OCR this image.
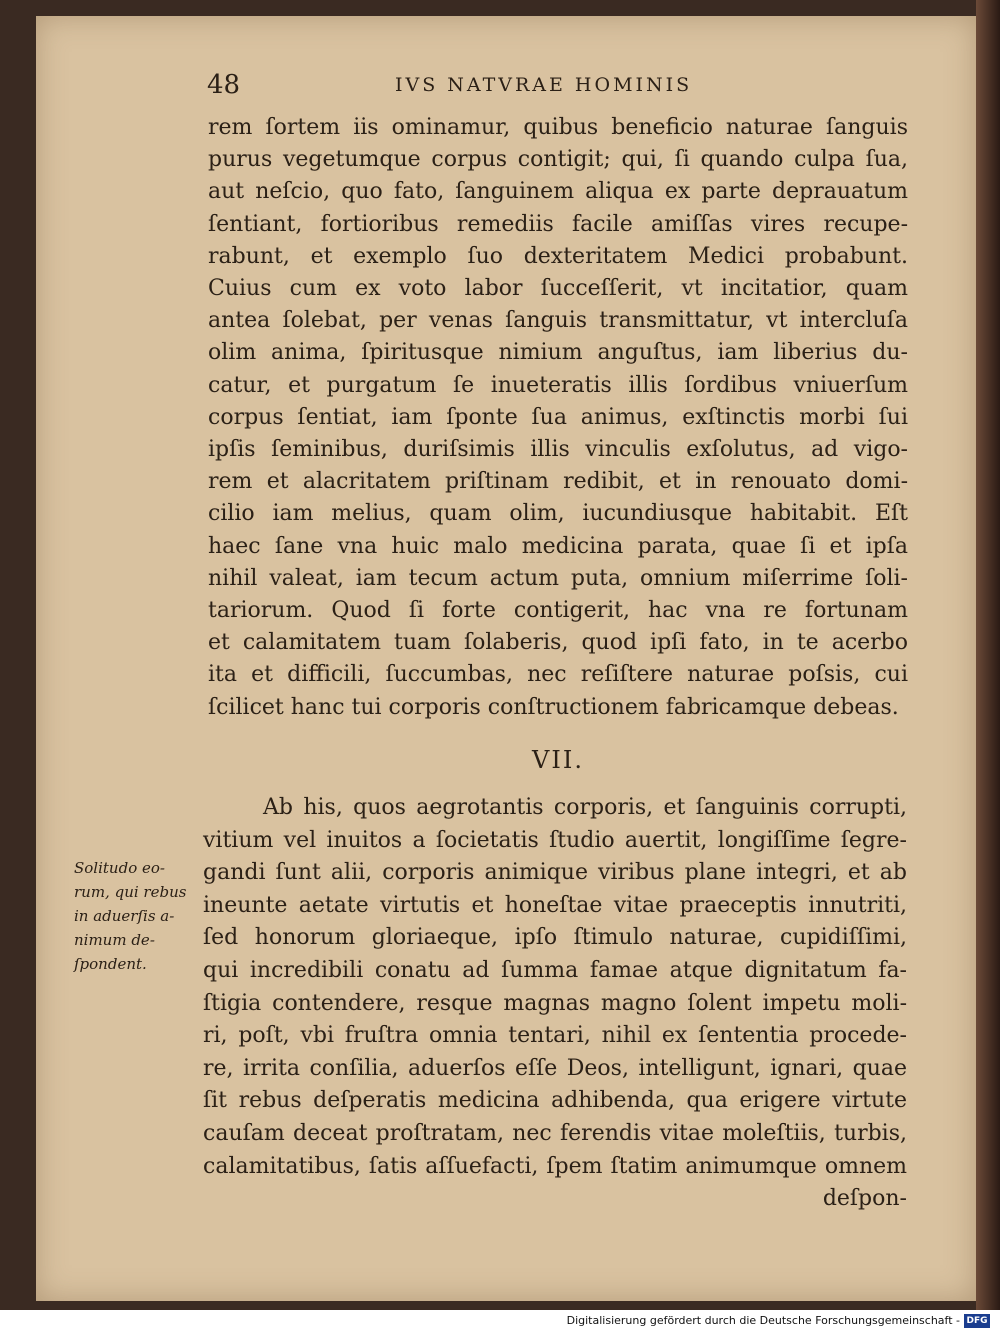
48	IVS NATVRAE HOMINIS
rem ſortem iis ominamur, quibus beneficio naturae ſanguis
purus vegetumque corpus contigit; qui, ſi quando culpa ſua,
aut neſcio, quo fato, ſanguinem aliqua ex parte deprauatum
ſentiant, fortioribus remediis facile amiſſas vires recupe-
rabunt, et exemplo ſuo dexteritatem Medici probabunt.
Cuius cum ex voto labor ſucceſſerit, vt incitatior, quam
antea ſolebat, per venas ſanguis transmittatur, vt intercluſa
olim anima, ſpiritusque nimium anguſtus, iam liberius du-
catur, et purgatum ſe inueteratis illis ſordibus vniuerſum
corpus ſentiat, iam ſponte ſua animus, exſtinctis morbi ſui
ipſis ſeminibus, duriſsimis illis vinculis exſolutus, ad vigo-
rem et alacritatem priſtinam redibit, et in renouato domi-
cilio iam melius, quam olim, iucundiusque habitabit. Eſt
haec ſane vna huic malo medicina parata, quae ſi et ipſa
nihil valeat, iam tecum actum puta, omnium miſerrime ſoli-
tariorum. Quod ſi forte contigerit, hac vna re fortunam
et calamitatem tuam ſolaberis, quod ipſi fato, in te acerbo
ita et difficili, ſuccumbas, nec reſiſtere naturae poſsis, cui
ſcilicet hanc tui corporis conſtructionem fabricamque debeas.
VII.
Solitudo eo-
rum, qui rebus
in aduerſis a-
nimum de-
ſpondent.
Ab his, quos aegrotantis corporis, et ſanguinis corrupti,
vitium vel inuitos a ſocietatis ſtudio auertit, longiſſime ſegre-
gandi ſunt alii, corporis animique viribus plane integri, et ab
ineunte aetate virtutis et honeſtae vitae praeceptis innutriti,
ſed honorum gloriaeque, ipſo ſtimulo naturae, cupidiſſimi,
qui incredibili conatu ad ſumma famae atque dignitatum fa-
ſtigia contendere, resque magnas magno ſolent impetu moli-
ri, poſt, vbi fruſtra omnia tentari, nihil ex ſententia procede-
re, irrita conſilia, aduerſos eſſe Deos, intelligunt, ignari, quae
ſit rebus deſperatis medicina adhibenda, qua erigere virtute
cauſam deceat proſtratam, nec ferendis vitae moleſtiis, turbis,
calamitatibus, ſatis aſſuefacti, ſpem ſtatim animumque omnem
deſpon-
Digitalisierung gefördert durch die Deutsche Forschungsgemeinschaft - DFG
